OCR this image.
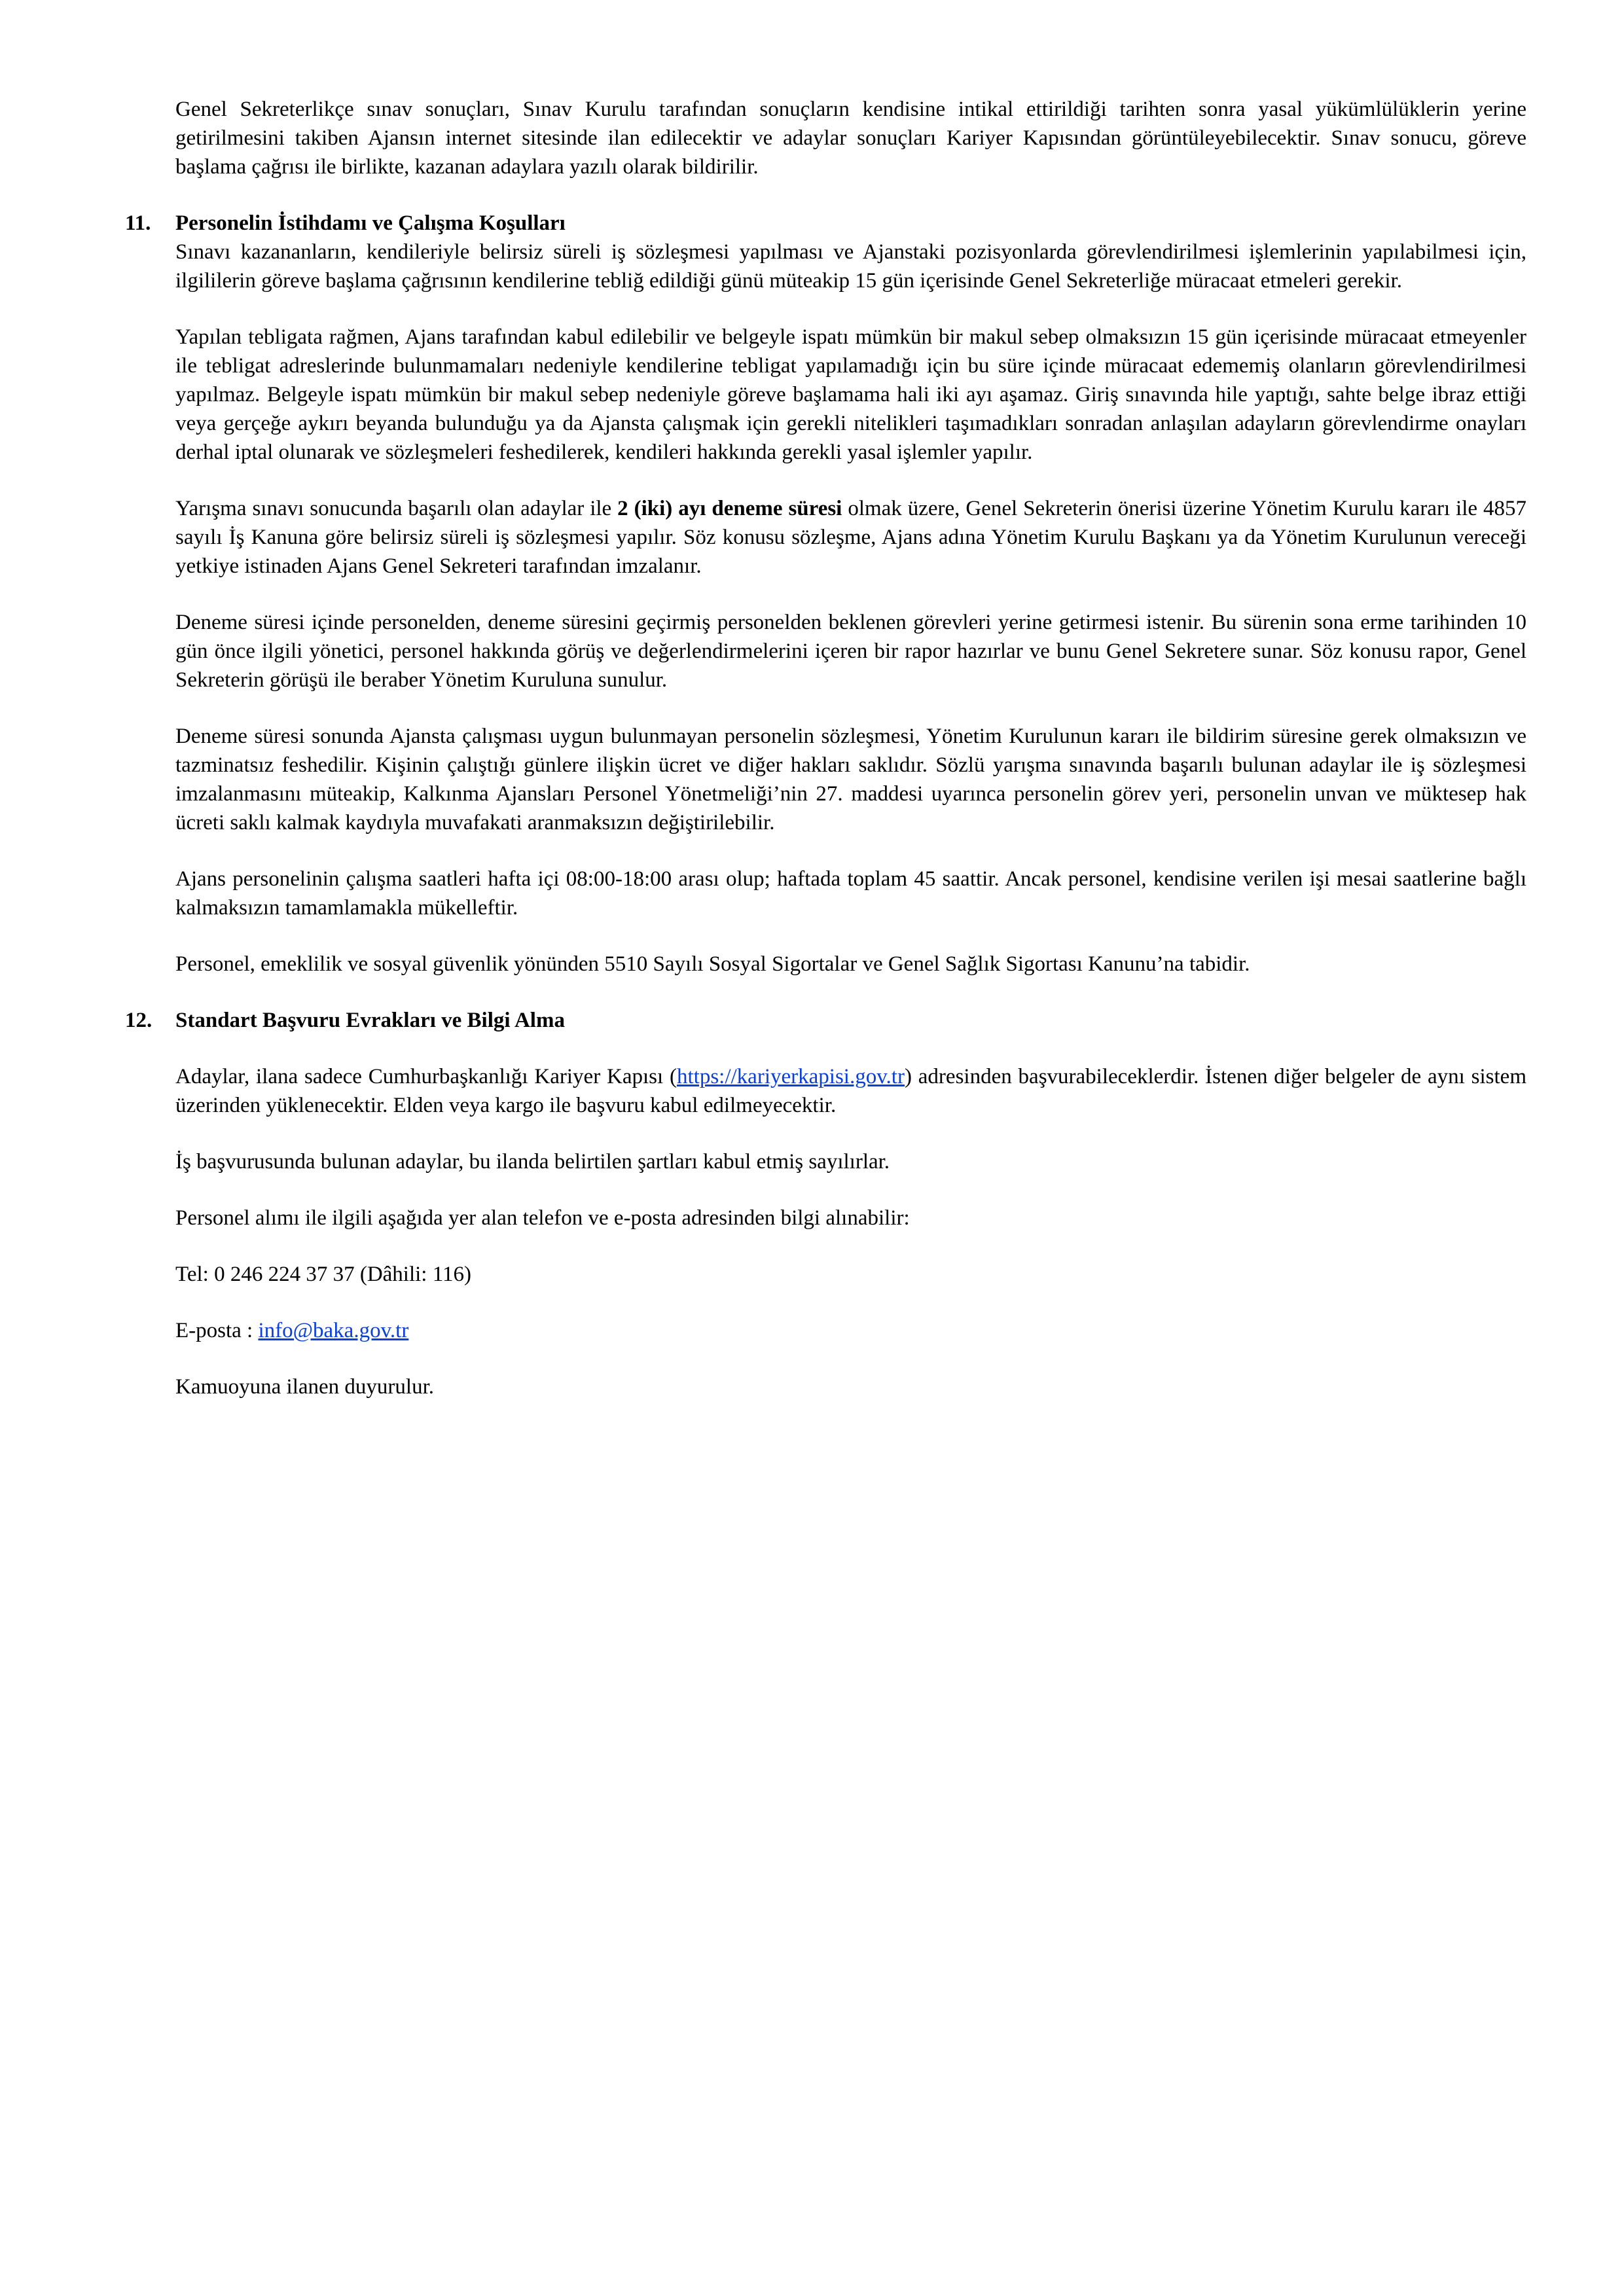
Genel Sekreterlikçe sınav sonuçları, Sınav Kurulu tarafından sonuçların kendisine intikal ettirildiği tarihten sonra yasal yükümlülüklerin yerine getirilmesini takiben Ajansın internet sitesinde ilan edilecektir ve adaylar sonuçları Kariyer Kapısından görüntüleyebilecektir. Sınav sonucu, göreve başlama çağrısı ile birlikte, kazanan adaylara yazılı olarak bildirilir.

11. Personelin İstihdamı ve Çalışma Koşulları

Sınavı kazananların, kendileriyle belirsiz süreli iş sözleşmesi yapılması ve Ajanstaki pozisyonlarda görevlendirilmesi işlemlerinin yapılabilmesi için, ilgililerin göreve başlama çağrısının kendilerine tebliğ edildiği günü müteakip 15 gün içerisinde Genel Sekreterliğe müracaat etmeleri gerekir.

Yapılan tebligata rağmen, Ajans tarafından kabul edilebilir ve belgeyle ispatı mümkün bir makul sebep olmaksızın 15 gün içerisinde müracaat etmeyenler ile tebligat adreslerinde bulunmamaları nedeniyle kendilerine tebligat yapılamadığı için bu süre içinde müracaat edememiş olanların görevlendirilmesi yapılmaz. Belgeyle ispatı mümkün bir makul sebep nedeniyle göreve başlamama hali iki ayı aşamaz. Giriş sınavında hile yaptığı, sahte belge ibraz ettiği veya gerçeğe aykırı beyanda bulunduğu ya da Ajansta çalışmak için gerekli nitelikleri taşımadıkları sonradan anlaşılan adayların görevlendirme onayları derhal iptal olunarak ve sözleşmeleri feshedilerek, kendileri hakkında gerekli yasal işlemler yapılır.

Yarışma sınavı sonucunda başarılı olan adaylar ile 2 (iki) ayı deneme süresi olmak üzere, Genel Sekreterin önerisi üzerine Yönetim Kurulu kararı ile 4857 sayılı İş Kanuna göre belirsiz süreli iş sözleşmesi yapılır. Söz konusu sözleşme, Ajans adına Yönetim Kurulu Başkanı ya da Yönetim Kurulunun vereceği yetkiye istinaden Ajans Genel Sekreteri tarafından imzalanır.

Deneme süresi içinde personelden, deneme süresini geçirmiş personelden beklenen görevleri yerine getirmesi istenir. Bu sürenin sona erme tarihinden 10 gün önce ilgili yönetici, personel hakkında görüş ve değerlendirmelerini içeren bir rapor hazırlar ve bunu Genel Sekretere sunar. Söz konusu rapor, Genel Sekreterin görüşü ile beraber Yönetim Kuruluna sunulur.

Deneme süresi sonunda Ajansta çalışması uygun bulunmayan personelin sözleşmesi, Yönetim Kurulunun kararı ile bildirim süresine gerek olmaksızın ve tazminatsız feshedilir. Kişinin çalıştığı günlere ilişkin ücret ve diğer hakları saklıdır. Sözlü yarışma sınavında başarılı bulunan adaylar ile iş sözleşmesi imzalanmasını müteakip, Kalkınma Ajansları Personel Yönetmeliği’nin 27. maddesi uyarınca personelin görev yeri, personelin unvan ve müktesep hak ücreti saklı kalmak kaydıyla muvafakati aranmaksızın değiştirilebilir.

Ajans personelinin çalışma saatleri hafta içi 08:00-18:00 arası olup; haftada toplam 45 saattir. Ancak personel, kendisine verilen işi mesai saatlerine bağlı kalmaksızın tamamlamakla mükelleftir.

Personel, emeklilik ve sosyal güvenlik yönünden 5510 Sayılı Sosyal Sigortalar ve Genel Sağlık Sigortası Kanunu’na tabidir.

12. Standart Başvuru Evrakları ve Bilgi Alma

Adaylar, ilana sadece Cumhurbaşkanlığı Kariyer Kapısı (https://kariyerkapisi.gov.tr) adresinden başvurabileceklerdir. İstenen diğer belgeler de aynı sistem üzerinden yüklenecektir. Elden veya kargo ile başvuru kabul edilmeyecektir.

İş başvurusunda bulunan adaylar, bu ilanda belirtilen şartları kabul etmiş sayılırlar.

Personel alımı ile ilgili aşağıda yer alan telefon ve e-posta adresinden bilgi alınabilir:

Tel: 0 246 224 37 37 (Dâhili: 116)

E-posta : info@baka.gov.tr

Kamuoyuna ilanen duyurulur.
